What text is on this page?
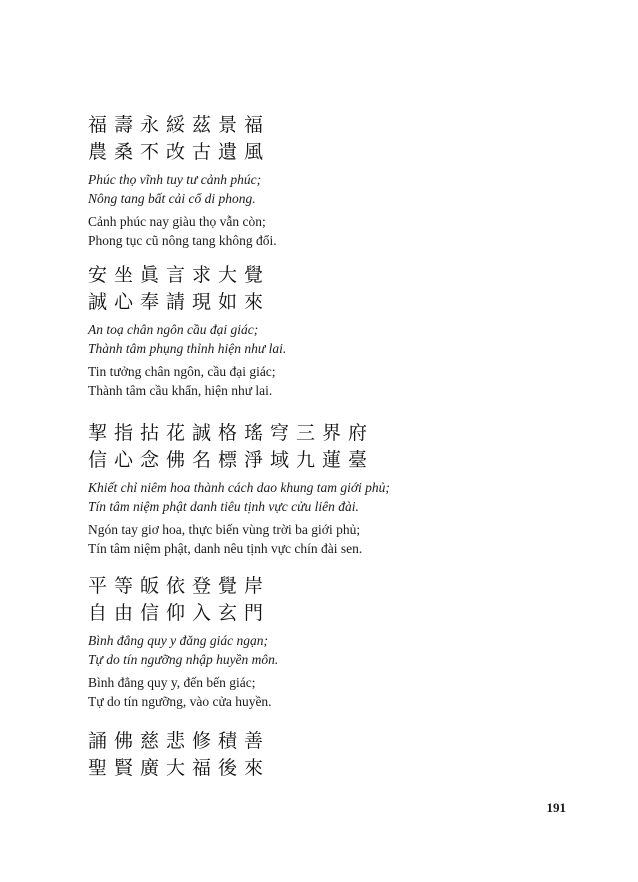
福壽永綏茲景福
農桑不改古遺風
Phúc thọ vĩnh tuy tư cảnh phúc;
Nông tang bất cải cổ di phong.
Cảnh phúc nay giàu thọ vẫn còn;
Phong tục cũ nông tang không đổi.
安坐眞言求大覺
誠心奉請現如來
An toạ chân ngôn cầu đại giác;
Thành tâm phụng thỉnh hiện như lai.
Tin tưởng chân ngôn, cầu đại giác;
Thành tâm cầu khẩn, hiện như lai.
挈指拈花誠格瑤穹三界府
信心念佛名標淨域九蓮臺
Khiết chỉ niêm hoa thành cách dao khung tam giới phủ;
Tín tâm niệm phật danh tiêu tịnh vực cửu liên đài.
Ngón tay giơ hoa, thực biến vùng trời ba giới phủ;
Tín tâm niệm phật, danh nêu tịnh vực chín đài sen.
平等皈依登覺岸
自由信仰入玄門
Bình đẳng quy y đăng giác ngạn;
Tự do tín ngưỡng nhập huyền môn.
Bình đẳng quy y, đến bến giác;
Tự do tín ngưỡng, vào cửa huyền.
誦佛慈悲修積善
聖賢廣大福後來
191
